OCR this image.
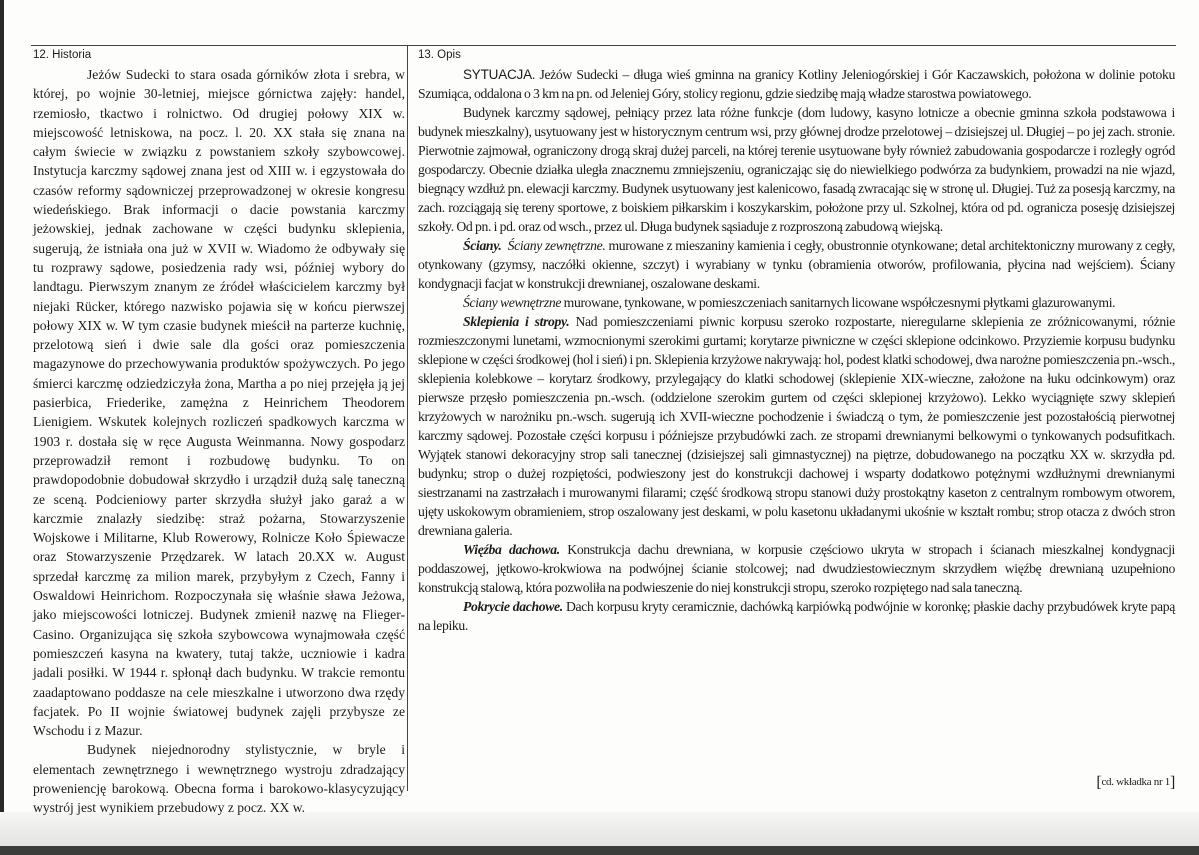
12. Historia

Jeżów Sudecki to stara osada górników złota i srebra, w której, po wojnie 30-letniej, miejsce górnictwa zajęły: handel, rzemiosło, tkactwo i rolnictwo. Od drugiej połowy XIX w. miejscowość letniskowa, na pocz. l. 20. XX stała się znana na całym świecie w związku z powstaniem szkoły szybowcowej. Instytucja karczmy sądowej znana jest od XIII w. i egzystowała do czasów reformy sądowniczej przeprowadzonej w okresie kongresu wiedeńskiego. Brak informacji o dacie powstania karczmy jeżowskiej, jednak zachowane w części budynku sklepienia, sugerują, że istniała ona już w XVII w. Wiadomo że odbywały się tu rozprawy sądowe, posiedzenia rady wsi, później wybory do landtagu. Pierwszym znanym ze źródeł właścicielem karczmy był niejaki Rücker, którego nazwisko pojawia się w końcu pierwszej połowy XIX w. W tym czasie budynek mieścił na parterze kuchnię, przelotową sień i dwie sale dla gości oraz pomieszczenia magazynowe do przechowywania produktów spożywczych. Po jego śmierci karczmę odziedziczyła żona, Martha a po niej przejęła ją jej pasierbica, Friederike, zamężna z Heinrichem Theodorem Lienigiem. Wskutek kolejnych rozliczeń spadkowych karczma w 1903 r. dostała się w ręce Augusta Weinmanna. Nowy gospodarz przeprowadził remont i rozbudowę budynku. To on prawdopodobnie dobudował skrzydło i urządził dużą salę taneczną ze sceną. Podcieniowy parter skrzydła służył jako garaż a w karczmie znalazły siedzibę: straż pożarna, Stowarzyszenie Wojskowe i Militarne, Klub Rowerowy, Rolnicze Koło Śpiewacze oraz Stowarzyszenie Przędzarek. W latach 20.XX w. August sprzedał karczmę za milion marek, przybyłym z Czech, Fanny i Oswaldowi Heinrichom. Rozpoczynała się właśnie sława Jeżowa, jako miejscowości lotniczej. Budynek zmienił nazwę na Flieger-Casino. Organizująca się szkoła szybowcowa wynajmowała część pomieszczeń kasyna na kwatery, tutaj także, uczniowie i kadra jadali posiłki. W 1944 r. spłonął dach budynku. W trakcie remontu zaadaptowano poddasze na cele mieszkalne i utworzono dwa rzędy facjatek. Po II wojnie światowej budynek zajęli przybysze ze Wschodu i z Mazur.

Budynek niejednorodny stylistycznie, w bryle i elementach zewnętrznego i wewnętrznego wystroju zdradzający proweniencję barokową. Obecna forma i barokowo-klasycyzujący wystrój jest wynikiem przebudowy z pocz. XX w.

13. Opis

SYTUACJA. Jeżów Sudecki – długa wieś gminna na granicy Kotliny Jeleniogórskiej i Gór Kaczawskich, położona w dolinie potoku Szumiąca, oddalona o 3 km na pn. od Jeleniej Góry, stolicy regionu, gdzie siedzibę mają władze starostwa powiatowego.

Budynek karczmy sądowej, pełniący przez lata różne funkcje (dom ludowy, kasyno lotnicze a obecnie gminna szkoła podstawowa i budynek mieszkalny), usytuowany jest w historycznym centrum wsi, przy głównej drodze przelotowej – dzisiejszej ul. Długiej – po jej zach. stronie. Pierwotnie zajmował, ograniczony drogą skraj dużej parceli, na której terenie usytuowane były również zabudowania gospodarcze i rozległy ogród gospodarczy. Obecnie działka uległa znacznemu zmniejszeniu, ograniczając się do niewielkiego podwórza za budynkiem, prowadzi na nie wjazd, biegnący wzdłuż pn. elewacji karczmy. Budynek usytuowany jest kalenicowo, fasadą zwracając się w stronę ul. Długiej. Tuż za posesją karczmy, na zach. rozciągają się tereny sportowe, z boiskiem piłkarskim i koszykarskim, położone przy ul. Szkolnej, która od pd. ogranicza posesję dzisiejszej szkoły. Od pn. i pd. oraz od wsch., przez ul. Długa budynek sąsiaduje z rozproszoną zabudową wiejską.

Ściany. Ściany zewnętrzne. murowane z mieszaniny kamienia i cegły, obustronnie otynkowane; detal architektoniczny murowany z cegły, otynkowany (gzymsy, naczółki okienne, szczyt) i wyrabiany w tynku (obramienia otworów, profilowania, płycina nad wejściem). Ściany kondygnacji facjat w konstrukcji drewnianej, oszalowane deskami.

Ściany wewnętrzne murowane, tynkowane, w pomieszczeniach sanitarnych licowane współczesnymi płytkami glazurowanymi.

Sklepienia i stropy. Nad pomieszczeniami piwnic korpusu szeroko rozpostarte, nieregularne sklepienia ze zróżnicowanymi, różnie rozmieszczonymi lunetami, wzmocnionymi szerokimi gurtami; korytarze piwniczne w części sklepione odcinkowo. Przyziemie korpusu budynku sklepione w części środkowej (hol i sień) i pn. Sklepienia krzyżowe nakrywają: hol, podest klatki schodowej, dwa narożne pomieszczenia pn.-wsch., sklepienia kolebkowe – korytarz środkowy, przylegający do klatki schodowej (sklepienie XIX-wieczne, założone na łuku odcinkowym) oraz pierwsze przęsło pomieszczenia pn.-wsch. (oddzielone szerokim gurtem od części sklepionej krzyżowo). Lekko wyciągnięte szwy sklepień krzyżowych w narożniku pn.-wsch. sugerują ich XVII-wieczne pochodzenie i świadczą o tym, że pomieszczenie jest pozostałością pierwotnej karczmy sądowej. Pozostałe części korpusu i późniejsze przybudówki zach. ze stropami drewnianymi belkowymi o tynkowanych podsufitkach. Wyjątek stanowi dekoracyjny strop sali tanecznej (dzisiejszej sali gimnastycznej) na piętrze, dobudowanego na początku XX w. skrzydła pd. budynku; strop o dużej rozpiętości, podwieszony jest do konstrukcji dachowej i wsparty dodatkowo potężnymi wzdłużnymi drewnianymi siestrzanami na zastrzałach i murowanymi filarami; część środkową stropu stanowi duży prostokątny kaseton z centralnym rombowym otworem, ujęty uskokowym obramieniem, strop oszalowany jest deskami, w polu kasetonu układanymi ukośnie w kształt rombu; strop otacza z dwóch stron drewniana galeria.

Więźba dachowa. Konstrukcja dachu drewniana, w korpusie częściowo ukryta w stropach i ścianach mieszkalnej kondygnacji poddaszowej, jętkowo-krokwiowa na podwójnej ścianie stolcowej; nad dwudziestowiecznym skrzydłem więźbę drewnianą uzupełniono konstrukcją stalową, która pozwoliła na podwieszenie do niej konstrukcji stropu, szeroko rozpiętego nad sala taneczną.

Pokrycie dachowe. Dach korpusu kryty ceramicznie, dachówką karpiówką podwójnie w koronkę; płaskie dachy przybudówek kryte papą na lepiku.

[cd. wkładka nr 1]
